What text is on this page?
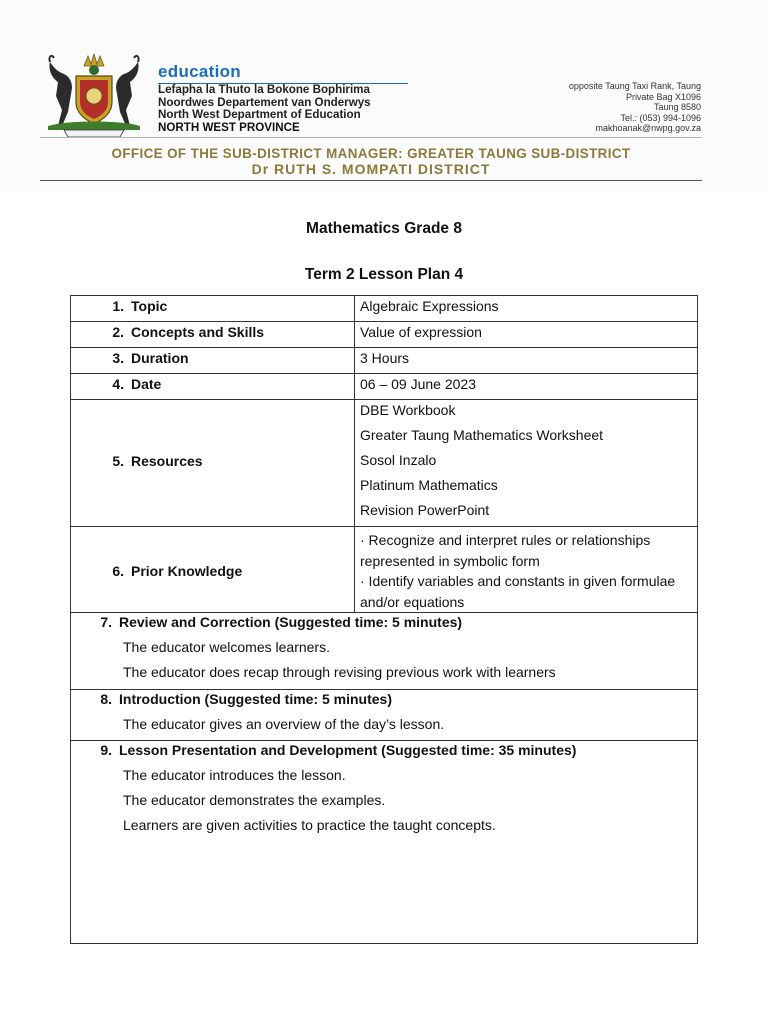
education
Lefapha la Thuto la Bokone Bophirima
Noordwes Departement van Onderwys
North West Department of Education
NORTH WEST PROVINCE
opposite Taung Taxi Rank, Taung
Private Bag X1096
Taung 8580
Tel.: (053) 994-1096
makhoanak@nwpg.gov.za
OFFICE OF THE SUB-DISTRICT MANAGER: GREATER TAUNG SUB-DISTRICT
Dr RUTH S. MOMPATI DISTRICT
Mathematics Grade 8
Term 2 Lesson Plan 4
1. Topic	Algebraic Expressions

2. Concepts and Skills	Value of expression

3. Duration	3 Hours

4. Date	06 – 09 June 2023

5. Resources	DBE Workbook
Greater Taung Mathematics Worksheet
Sosol Inzalo
Platinum Mathematics
Revision PowerPoint

6. Prior Knowledge	· Recognize and interpret rules or relationships represented in symbolic form
· Identify variables and constants in given formulae and/or equations

7. Review and Correction (Suggested time: 5 minutes)
The educator welcomes learners.
The educator does recap through revising previous work with learners	

8. Introduction (Suggested time: 5 minutes)
The educator gives an overview of the day’s lesson.	

9. Lesson Presentation and Development (Suggested time: 35 minutes)
The educator introduces the lesson.
The educator demonstrates the examples.
Learners are given activities to practice the taught concepts.	
